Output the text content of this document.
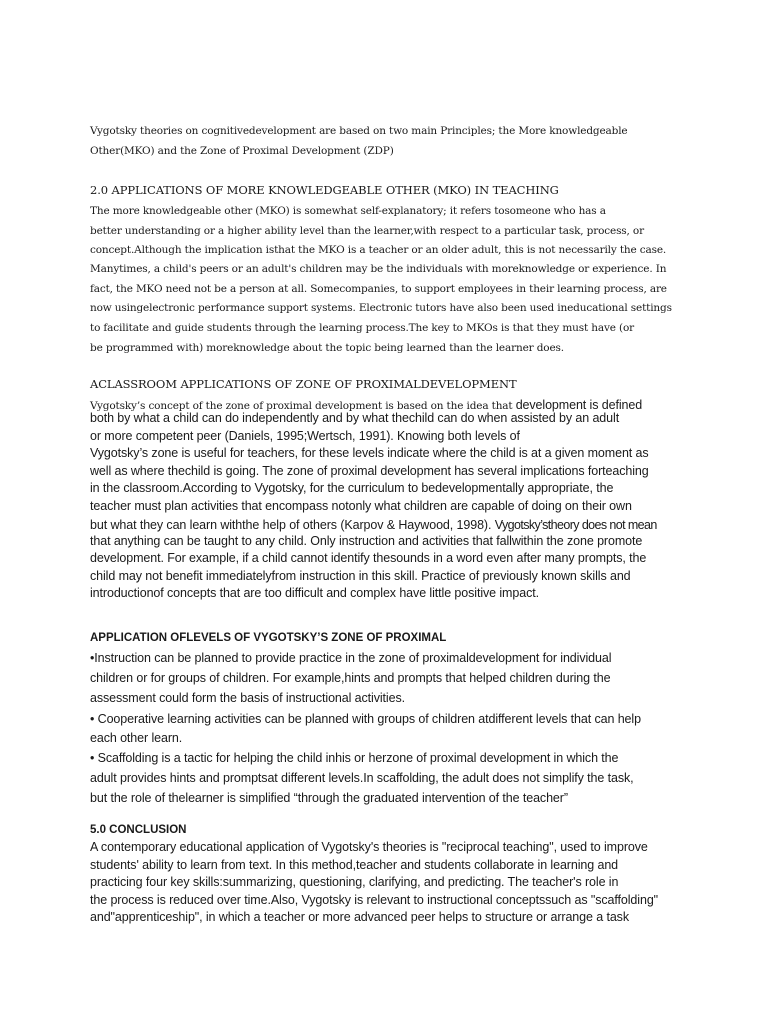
Vygotsky theories on cognitivedevelopment are based on two main Principles; the More knowledgeable

Other(MKO) and the Zone of Proximal Development (ZDP)

2.0 APPLICATIONS OF MORE KNOWLEDGEABLE OTHER (MKO) IN TEACHING

The more knowledgeable other (MKO) is somewhat self-explanatory; it refers tosomeone who has a

better understanding or a higher ability level than the learner,with respect to a particular task, process, or

concept.Although the implication isthat the MKO is a teacher or an older adult, this is not necessarily the case.

Manytimes, a child's peers or an adult's children may be the individuals with moreknowledge or experience. In

fact, the MKO need not be a person at all. Somecompanies, to support employees in their learning process, are

now usingelectronic performance support systems. Electronic tutors have also been used ineducational settings

to facilitate and guide students through the learning process.The key to MKOs is that they must have (or

be programmed with) moreknowledge about the topic being learned than the learner does.

ACLASSROOM APPLICATIONS OF ZONE OF PROXIMALDEVELOPMENT

Vygotsky’s concept of the zone of proximal development is based on the idea that development is defined

both by what a child can do independently and by what thechild can do when assisted by an adult

or more competent peer (Daniels, 1995;Wertsch, 1991). Knowing both levels of

Vygotsky’s zone is useful for teachers, for these levels indicate where the child is at a given moment as

well as where thechild is going. The zone of proximal development has several implications forteaching

in the classroom.According to Vygotsky, for the curriculum to bedevelopmentally appropriate, the

teacher must plan activities that encompass notonly what children are capable of doing on their own

but what they can learn withthe help of others (Karpov & Haywood, 1998). Vygotsky’stheory does not mean

that anything can be taught to any child. Only instruction and activities that fallwithin the zone promote

development. For example, if a child cannot identify thesounds in a word even after many prompts, the

child may not benefit immediatelyfrom instruction in this skill. Practice of previously known skills and

introductionof concepts that are too difficult and complex have little positive impact.

APPLICATION OFLEVELS OF VYGOTSKY’S ZONE OF PROXIMAL

•Instruction can be planned to provide practice in the zone of proximaldevelopment for individual

children or for groups of children. For example,hints and prompts that helped children during the

assessment could form the basis of instructional activities.

• Cooperative learning activities can be planned with groups of children atdifferent levels that can help

each other learn.

• Scaffolding is a tactic for helping the child inhis or herzone of proximal development in which the

adult provides hints and promptsat different levels.In scaffolding, the adult does not simplify the task,

but the role of thelearner is simplified “through the graduated intervention of the teacher”

5.0 CONCLUSION

A contemporary educational application of Vygotsky's theories is "reciprocal teaching", used to improve

students' ability to learn from text. In this method,teacher and students collaborate in learning and

practicing four key skills:summarizing, questioning, clarifying, and predicting. The teacher's role in

the process is reduced over time.Also, Vygotsky is relevant to instructional conceptssuch as "scaffolding"

and"apprenticeship", in which a teacher or more advanced peer helps to structure or arrange a task
